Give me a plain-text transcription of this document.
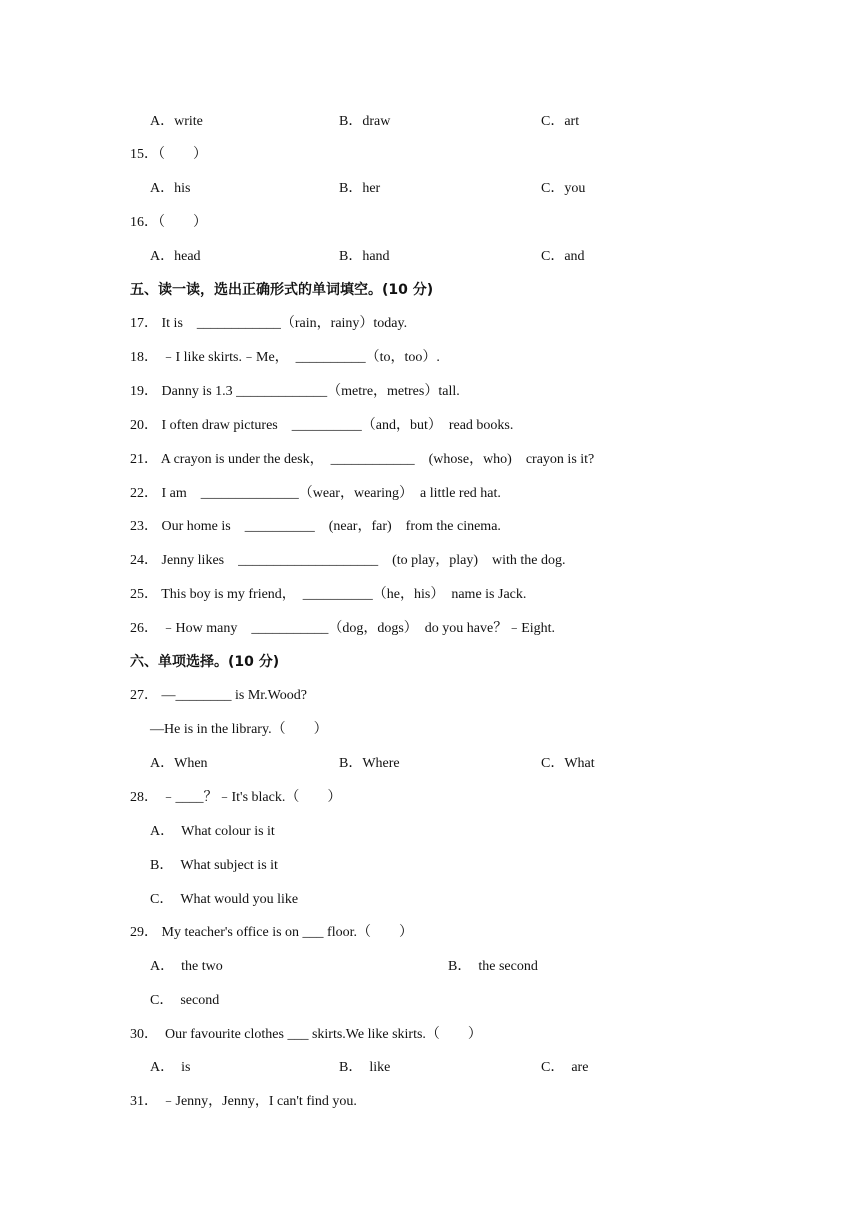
A．write	B．draw	C．art
15．（　　）
A．his	B．her	C．you
16．（　　）
A．head	B．hand	C．and
五、读一读，选出正确形式的单词填空。(10 分)
17． It is　____________（rain，rainy）today.
18． ﹣I like skirts.﹣Me，　__________（to，too）.
19． Danny is 1.3 _____________（metre，metres）tall.
20． I often draw pictures　__________（and，but）　read books.
21． A crayon is under the desk，　____________　(whose，who)　crayon is it?
22． I am　______________（wear，wearing）　a little red hat.
23． Our home is　__________　(near，far)　from the cinema.
24． Jenny likes　____________________　(to play，play)　with the dog.
25． This boy is my friend，　__________（he，his）　name is Jack.
26． ﹣How many　___________（dog，dogs）　do you have？﹣Eight.
六、单项选择。(10 分)
27． —________ is Mr.Wood?
—He is in the library.（　　）
A．When	B．Where	C．What
28． ﹣____？﹣It's black.（　　）
A．　What colour is it
B．　What subject is it
C．　What would you like
29． My teacher's office is on ___ floor.（　　）
A．　the two	B．　the second
C．　second
30．　Our favourite clothes ___ skirts.We like skirts.（　　）
A．　is	B．　like	C．　are
31． ﹣Jenny，Jenny，I can't find you.
